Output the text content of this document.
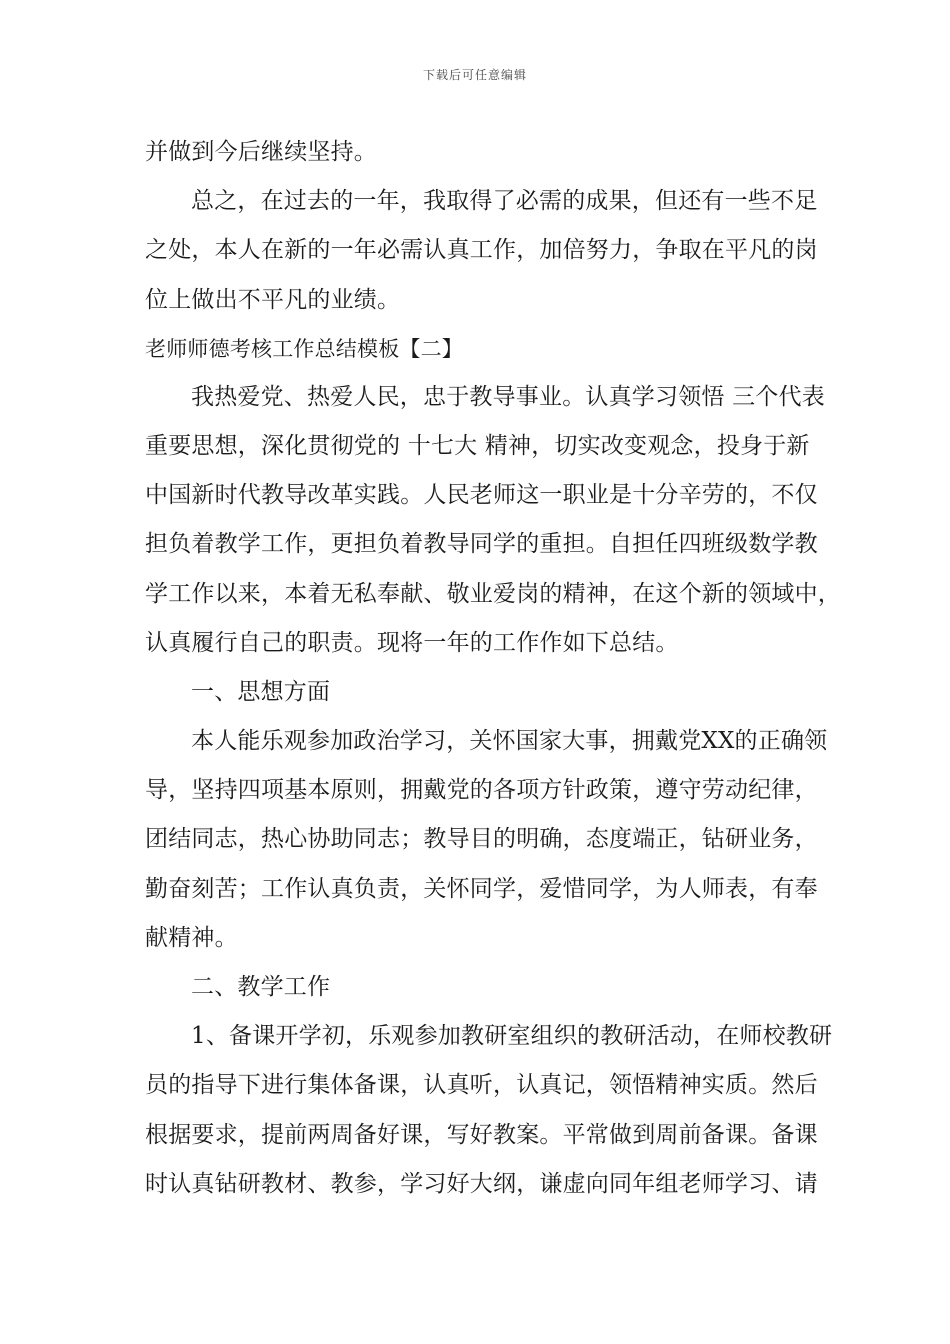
下载后可任意编辑
并做到今后继续坚持。
总之，在过去的一年，我取得了必需的成果，但还有一些不足
之处，本人在新的一年必需认真工作，加倍努力，争取在平凡的岗
位上做出不平凡的业绩。
老师师德考核工作总结模板【二】
我热爱党、热爱人民，忠于教导事业。认真学习领悟 三个代表
重要思想，深化贯彻党的 十七大 精神，切实改变观念，投身于新
中国新时代教导改革实践。人民老师这一职业是十分辛劳的，不仅
担负着教学工作，更担负着教导同学的重担。自担任四班级数学教
学工作以来，本着无私奉献、敬业爱岗的精神，在这个新的领域中，
认真履行自己的职责。现将一年的工作作如下总结。
一、思想方面
本人能乐观参加政治学习，关怀国家大事，拥戴党XX的正确领
导，坚持四项基本原则，拥戴党的各项方针政策，遵守劳动纪律，
团结同志，热心协助同志；教导目的明确，态度端正，钻研业务，
勤奋刻苦；工作认真负责，关怀同学，爱惜同学，为人师表，有奉
献精神。
二、教学工作
1、备课开学初，乐观参加教研室组织的教研活动，在师校教研
员的指导下进行集体备课，认真听，认真记，领悟精神实质。然后
根据要求，提前两周备好课，写好教案。平常做到周前备课。备课
时认真钻研教材、教参，学习好大纲，谦虚向同年组老师学习、请
